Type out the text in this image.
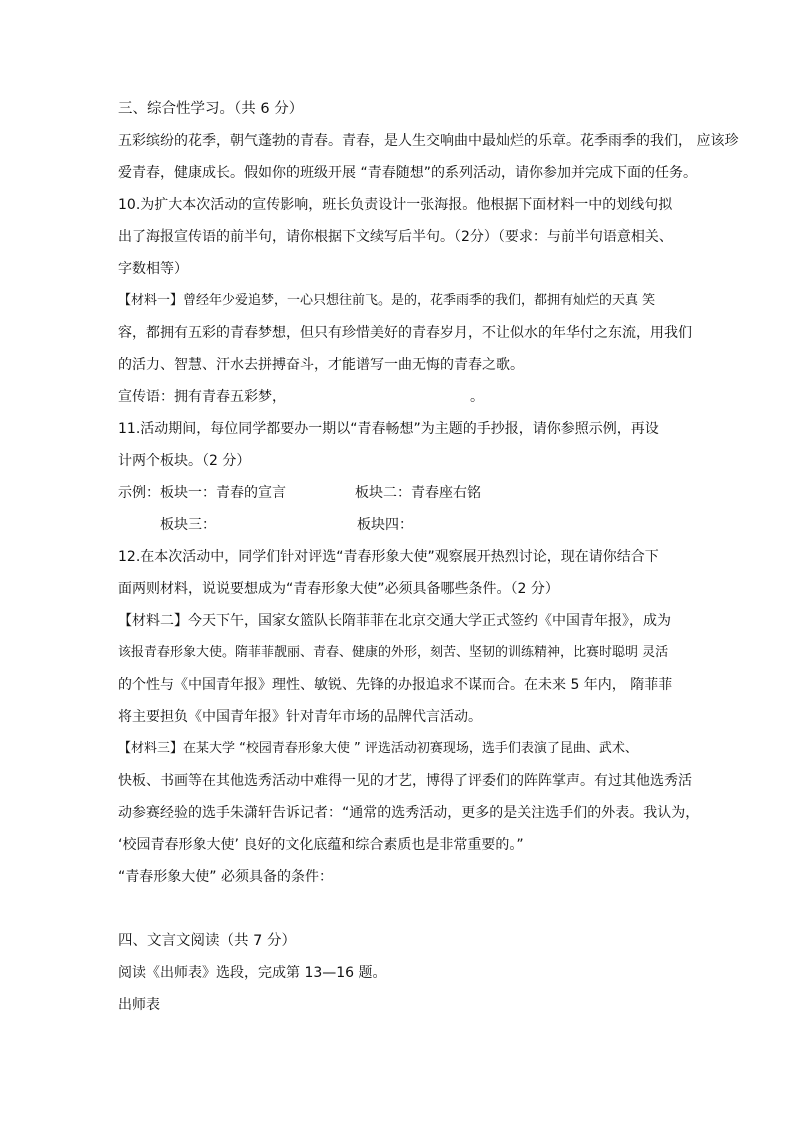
三、综合性学习。（共 6 分）
五彩缤纷的花季，朝气蓬勃的青春。青春，是人生交响曲中最灿烂的乐章。花季雨季的我们， 应该珍
爱青春，健康成长。假如你的班级开展 “青春随想”的系列活动，请你参加并完成下面的任务。
10.为扩大本次活动的宣传影响，班长负责设计一张海报。他根据下面材料一中的划线句拟
出了海报宣传语的前半句，请你根据下文续写后半句。（2分）（要求：与前半句语意相关、
字数相等）
【材料一】曾经年少爱追梦，一心只想往前飞。是的，花季雨季的我们，都拥有灿烂的天真 笑
容，都拥有五彩的青春梦想，但只有珍惜美好的青春岁月，不让似水的年华付之东流，用我们
的活力、智慧、汗水去拼搏奋斗，才能谱写一曲无悔的青春之歌。
宣传语：拥有青春五彩梦，	。
11.活动期间，每位同学都要办一期以“青春畅想”为主题的手抄报，请你参照示例，再设
计两个板块。（2 分）
示例：板块一：青春的宣言	板块二：青春座右铭
板块三：	板块四：
12.在本次活动中，同学们针对评选“青春形象大使”观察展开热烈讨论，现在请你结合下
面两则材料，说说要想成为“青春形象大使”必须具备哪些条件。（2 分）
【材料二】今天下午，国家女篮队长隋菲菲在北京交通大学正式签约《中国青年报》，成为
该报青春形象大使。隋菲菲靓丽、青春、健康的外形，刻苦、坚韧的训练精神，比赛时聪明 灵活
的个性与《中国青年报》理性、敏锐、先锋的办报追求不谋而合。在未来 5 年内， 隋菲菲
将主要担负《中国青年报》针对青年市场的品牌代言活动。
【材料三】在某大学 “校园青春形象大使 ” 评选活动初赛现场，选手们表演了昆曲、武术、
快板、书画等在其他选秀活动中难得一见的才艺，博得了评委们的阵阵掌声。有过其他选秀活
动参赛经验的选手朱潇轩告诉记者：“通常的选秀活动，更多的是关注选手们的外表。我认为，
‘校园青春形象大使’ 良好的文化底蕴和综合素质也是非常重要的。”
“青春形象大使” 必须具备的条件：
四、文言文阅读（共 7 分）
阅读《出师表》选段，完成第 13—16 题。
出师表
